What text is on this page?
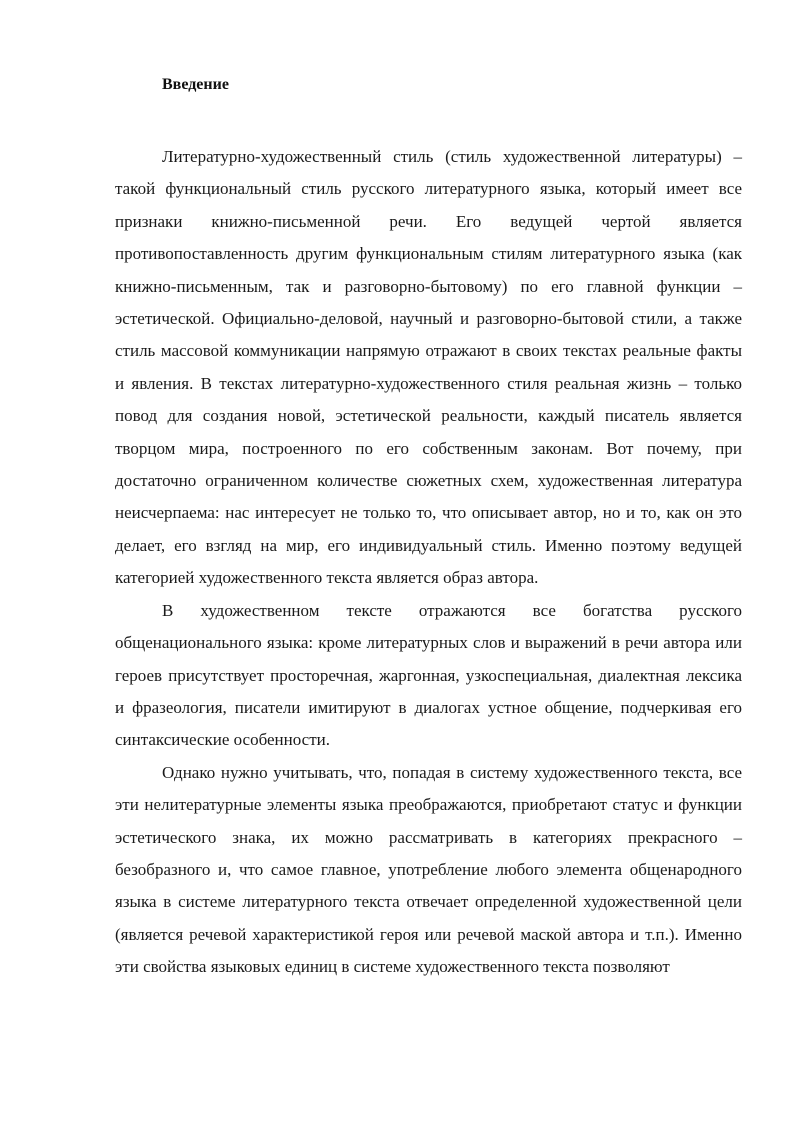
Введение

Литературно-художественный стиль (стиль художественной литературы) – такой функциональный стиль русского литературного языка, который имеет все признаки книжно-письменной речи. Его ведущей чертой является противопоставленность другим функциональным стилям литературного языка (как книжно-письменным, так и разговорно-бытовому) по его главной функции – эстетической. Официально-деловой, научный и разговорно-бытовой стили, а также стиль массовой коммуникации напрямую отражают в своих текстах реальные факты и явления. В текстах литературно-художественного стиля реальная жизнь – только повод для создания новой, эстетической реальности, каждый писатель является творцом мира, построенного по его собственным законам. Вот почему, при достаточно ограниченном количестве сюжетных схем, художественная литература неисчерпаема: нас интересует не только то, что описывает автор, но и то, как он это делает, его взгляд на мир, его индивидуальный стиль. Именно поэтому ведущей категорией художественного текста является образ автора.

В художественном тексте отражаются все богатства русского общенационального языка: кроме литературных слов и выражений в речи автора или героев присутствует просторечная, жаргонная, узкоспециальная, диалектная лексика и фразеология, писатели имитируют в диалогах устное общение, подчеркивая его синтаксические особенности.

Однако нужно учитывать, что, попадая в систему художественного текста, все эти нелитературные элементы языка преображаются, приобретают статус и функции эстетического знака, их можно рассматривать в категориях прекрасного – безобразного и, что самое главное, употребление любого элемента общенародного языка в системе литературного текста отвечает определенной художественной цели (является речевой характеристикой героя или речевой маской автора и т.п.). Именно эти свойства языковых единиц в системе художественного текста позволяют
